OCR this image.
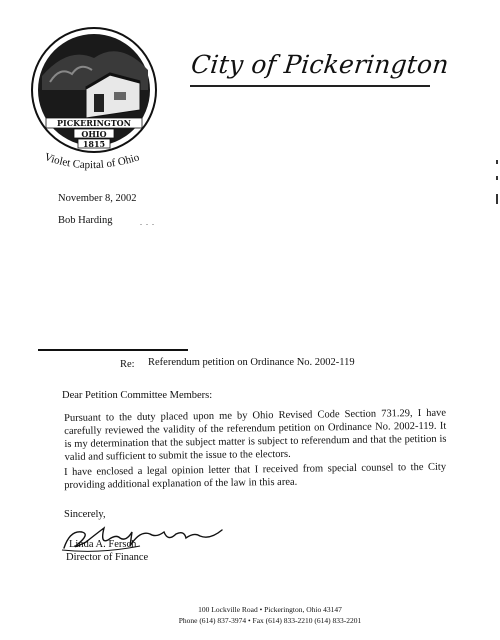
PICKERINGTON
OHIO
1815
Violet Capital of Ohio
City of Pickerington
November 8, 2002
Bob Harding	. . .
Re: Referendum petition on Ordinance No. 2002-119
Dear Petition Committee Members:
Pursuant to the duty placed upon me by Ohio Revised Code Section 731.29, I have carefully reviewed the validity of the referendum petition on Ordinance No. 2002-119. It is my determination that the subject matter is subject to referendum and that the petition is valid and sufficient to submit the issue to the electors.
I have enclosed a legal opinion letter that I received from special counsel to the City providing additional explanation of the law in this area.
Sincerely,
Linda A. Fersch
Director of Finance
100 Lockville Road • Pickerington, Ohio 43147
Phone (614) 837-3974 • Fax (614) 833-2210 (614) 833-2201
